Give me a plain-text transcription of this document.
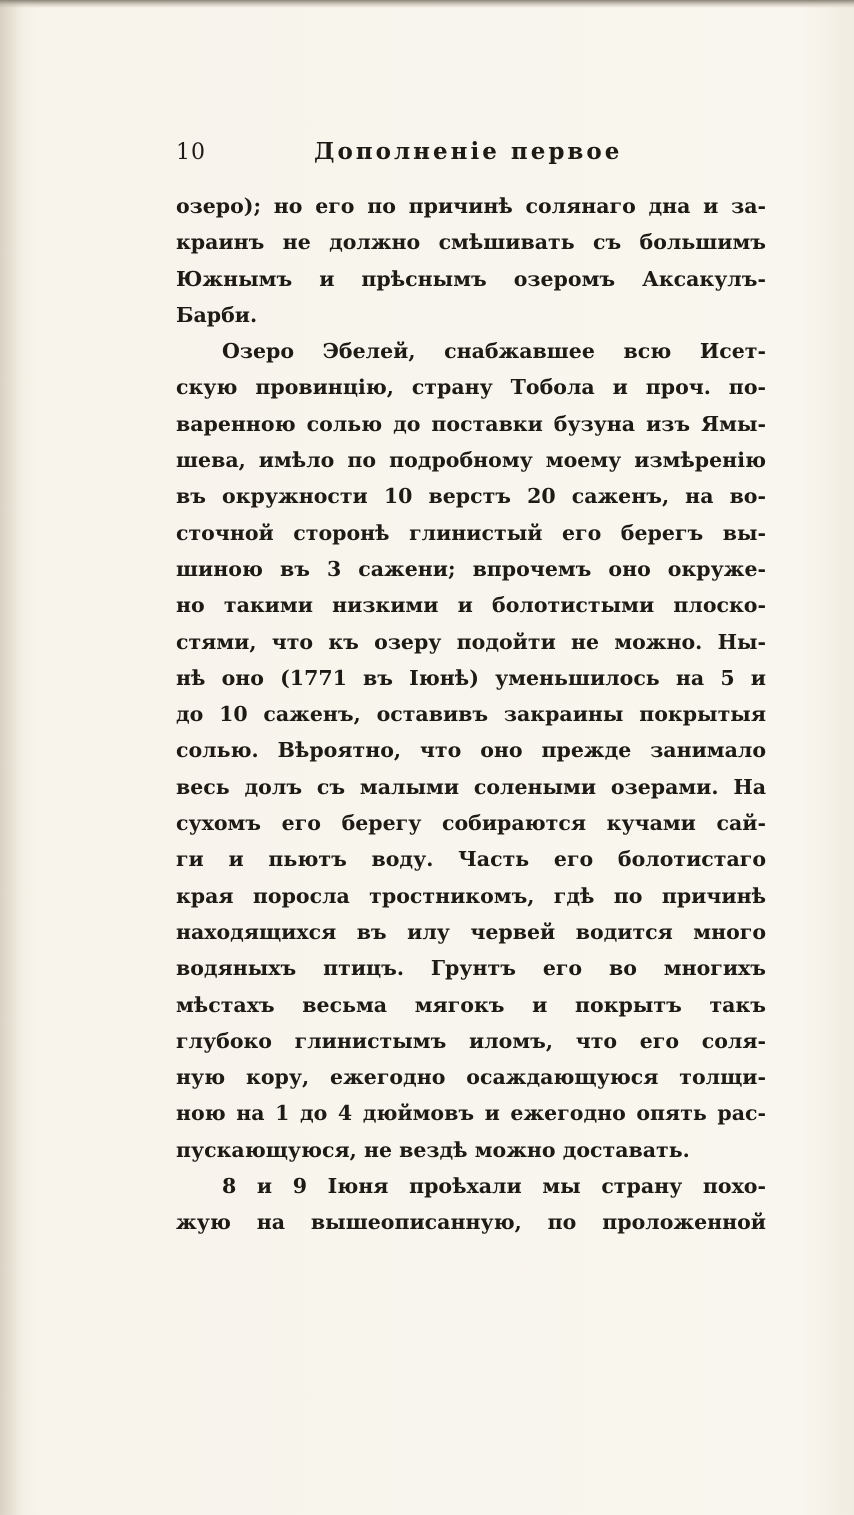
10	Дополненiе первое
озеро); но его по причинѣ солянаго дна и за-
краинъ не должно смѣшивать съ большимъ
Южнымъ и прѣснымъ озеромъ Аксакулъ-
Барби.
Озеро Эбелей, снабжавшее всю Исет-
скую провинцiю, страну Тобола и проч. по-
варенною солью до поставки бузуна изъ Ямы-
шева, имѣло по подробному моему измѣренiю
въ окружности 10 верстъ 20 саженъ, на во-
сточной сторонѣ глинистый его берегъ вы-
шиною въ 3 сажени; впрочемъ оно окруже-
но такими низкими и болотистыми плоско-
стями, что къ озеру подойти не можно. Ны-
нѣ оно (1771 въ Iюнѣ) уменьшилось на 5 и
до 10 саженъ, оставивъ закраины покрытыя
солью. Вѣроятно, что оно прежде занимало
весь долъ съ малыми солеными озерами. На
сухомъ его берегу собираются кучами сай-
ги и пьютъ воду. Часть его болотистаго
края поросла тростникомъ, гдѣ по причинѣ
находящихся въ илу червей водится много
водяныхъ птицъ. Грунтъ его во многихъ
мѣстахъ весьма мягокъ и покрытъ такъ
глубоко глинистымъ иломъ, что его соля-
ную кору, ежегодно осаждающуюся толщи-
ною на 1 до 4 дюймовъ и ежегодно опять рас-
пускающуюся, не вездѣ можно доставать.
8 и 9 Iюня проѣхали мы страну похо-
жую на вышеописанную, по проложенной
